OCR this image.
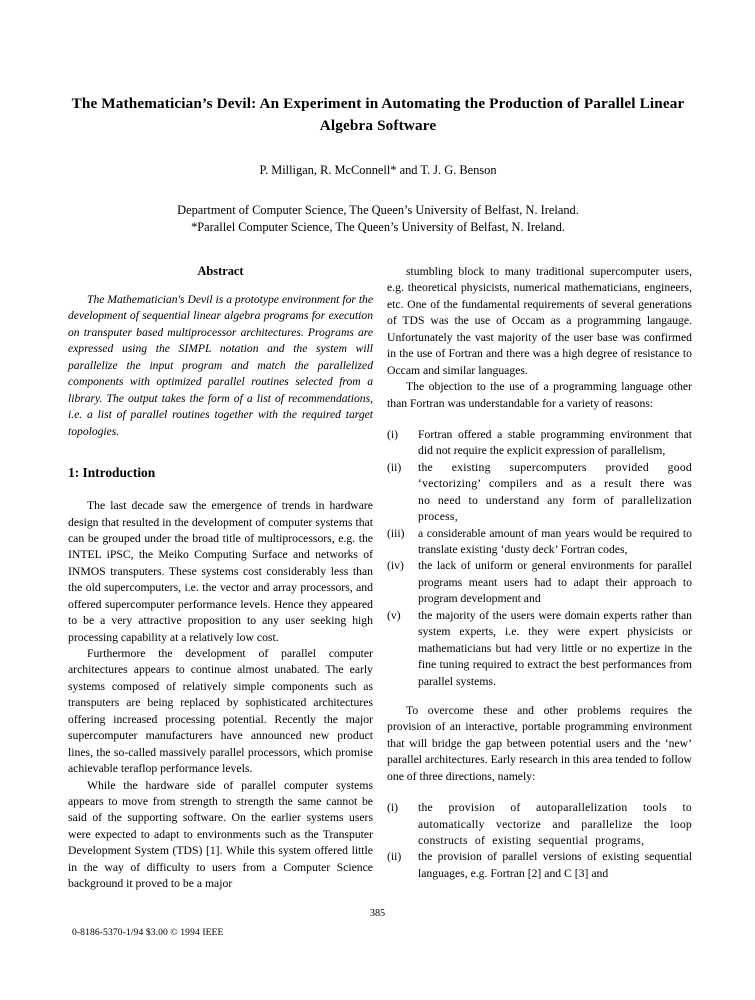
The Mathematician’s Devil: An Experiment in Automating the Production of Parallel Linear Algebra Software

P. Milligan, R. McConnell* and T. J. G. Benson

Department of Computer Science, The Queen’s University of Belfast, N. Ireland.
*Parallel Computer Science, The Queen’s University of Belfast, N. Ireland.

Abstract

The Mathematician's Devil is a prototype environment for the development of sequential linear algebra programs for execution on transputer based multiprocessor architectures. Programs are expressed using the SIMPL notation and the system will parallelize the input program and match the parallelized components with optimized parallel routines selected from a library. The output takes the form of a list of recommendations, i.e. a list of parallel routines together with the required target topologies.

1: Introduction

The last decade saw the emergence of trends in hardware design that resulted in the development of computer systems that can be grouped under the broad title of multiprocessors, e.g. the INTEL iPSC, the Meiko Computing Surface and networks of INMOS transputers. These systems cost considerably less than the old supercomputers, i.e. the vector and array processors, and offered supercomputer performance levels. Hence they appeared to be a very attractive proposition to any user seeking high processing capability at a relatively low cost.

Furthermore the development of parallel computer architectures appears to continue almost unabated. The early systems composed of relatively simple components such as transputers are being replaced by sophisticated architectures offering increased processing potential. Recently the major supercomputer manufacturers have announced new product lines, the so-called massively parallel processors, which promise achievable teraflop performance levels.

While the hardware side of parallel computer systems appears to move from strength to strength the same cannot be said of the supporting software. On the earlier systems users were expected to adapt to environments such as the Transputer Development System (TDS) [1]. While this system offered little in the way of difficulty to users from a Computer Science background it proved to be a major

stumbling block to many traditional supercomputer users, e.g. theoretical physicists, numerical mathematicians, engineers, etc. One of the fundamental requirements of several generations of TDS was the use of Occam as a programming langauge. Unfortunately the vast majority of the user base was confirmed in the use of Fortran and there was a high degree of resistance to Occam and similar languages.

The objection to the use of a programming language other than Fortran was understandable for a variety of reasons:

(i)	Fortran offered a stable programming environment that did not require the explicit expression of parallelism,
(ii)	the existing supercomputers provided good ‘vectorizing’ compilers and as a result there was no need to understand any form of parallelization process,
(iii)	a considerable amount of man years would be required to translate existing ‘dusty deck’ Fortran codes,
(iv)	the lack of uniform or general environments for parallel programs meant users had to adapt their approach to program development and
(v)	the majority of the users were domain experts rather than system experts, i.e. they were expert physicists or mathematicians but had very little or no expertize in the fine tuning required to extract the best performances from parallel systems.

To overcome these and other problems requires the provision of an interactive, portable programming environment that will bridge the gap between potential users and the ‘new’ parallel architectures. Early research in this area tended to follow one of three directions, namely:

(i)	the provision of autoparallelization tools to automatically vectorize and parallelize the loop constructs of existing sequential programs,
(ii)	the provision of parallel versions of existing sequential languages, e.g. Fortran [2] and C [3] and
385
0-8186-5370-1/94 $3.00 © 1994 IEEE
